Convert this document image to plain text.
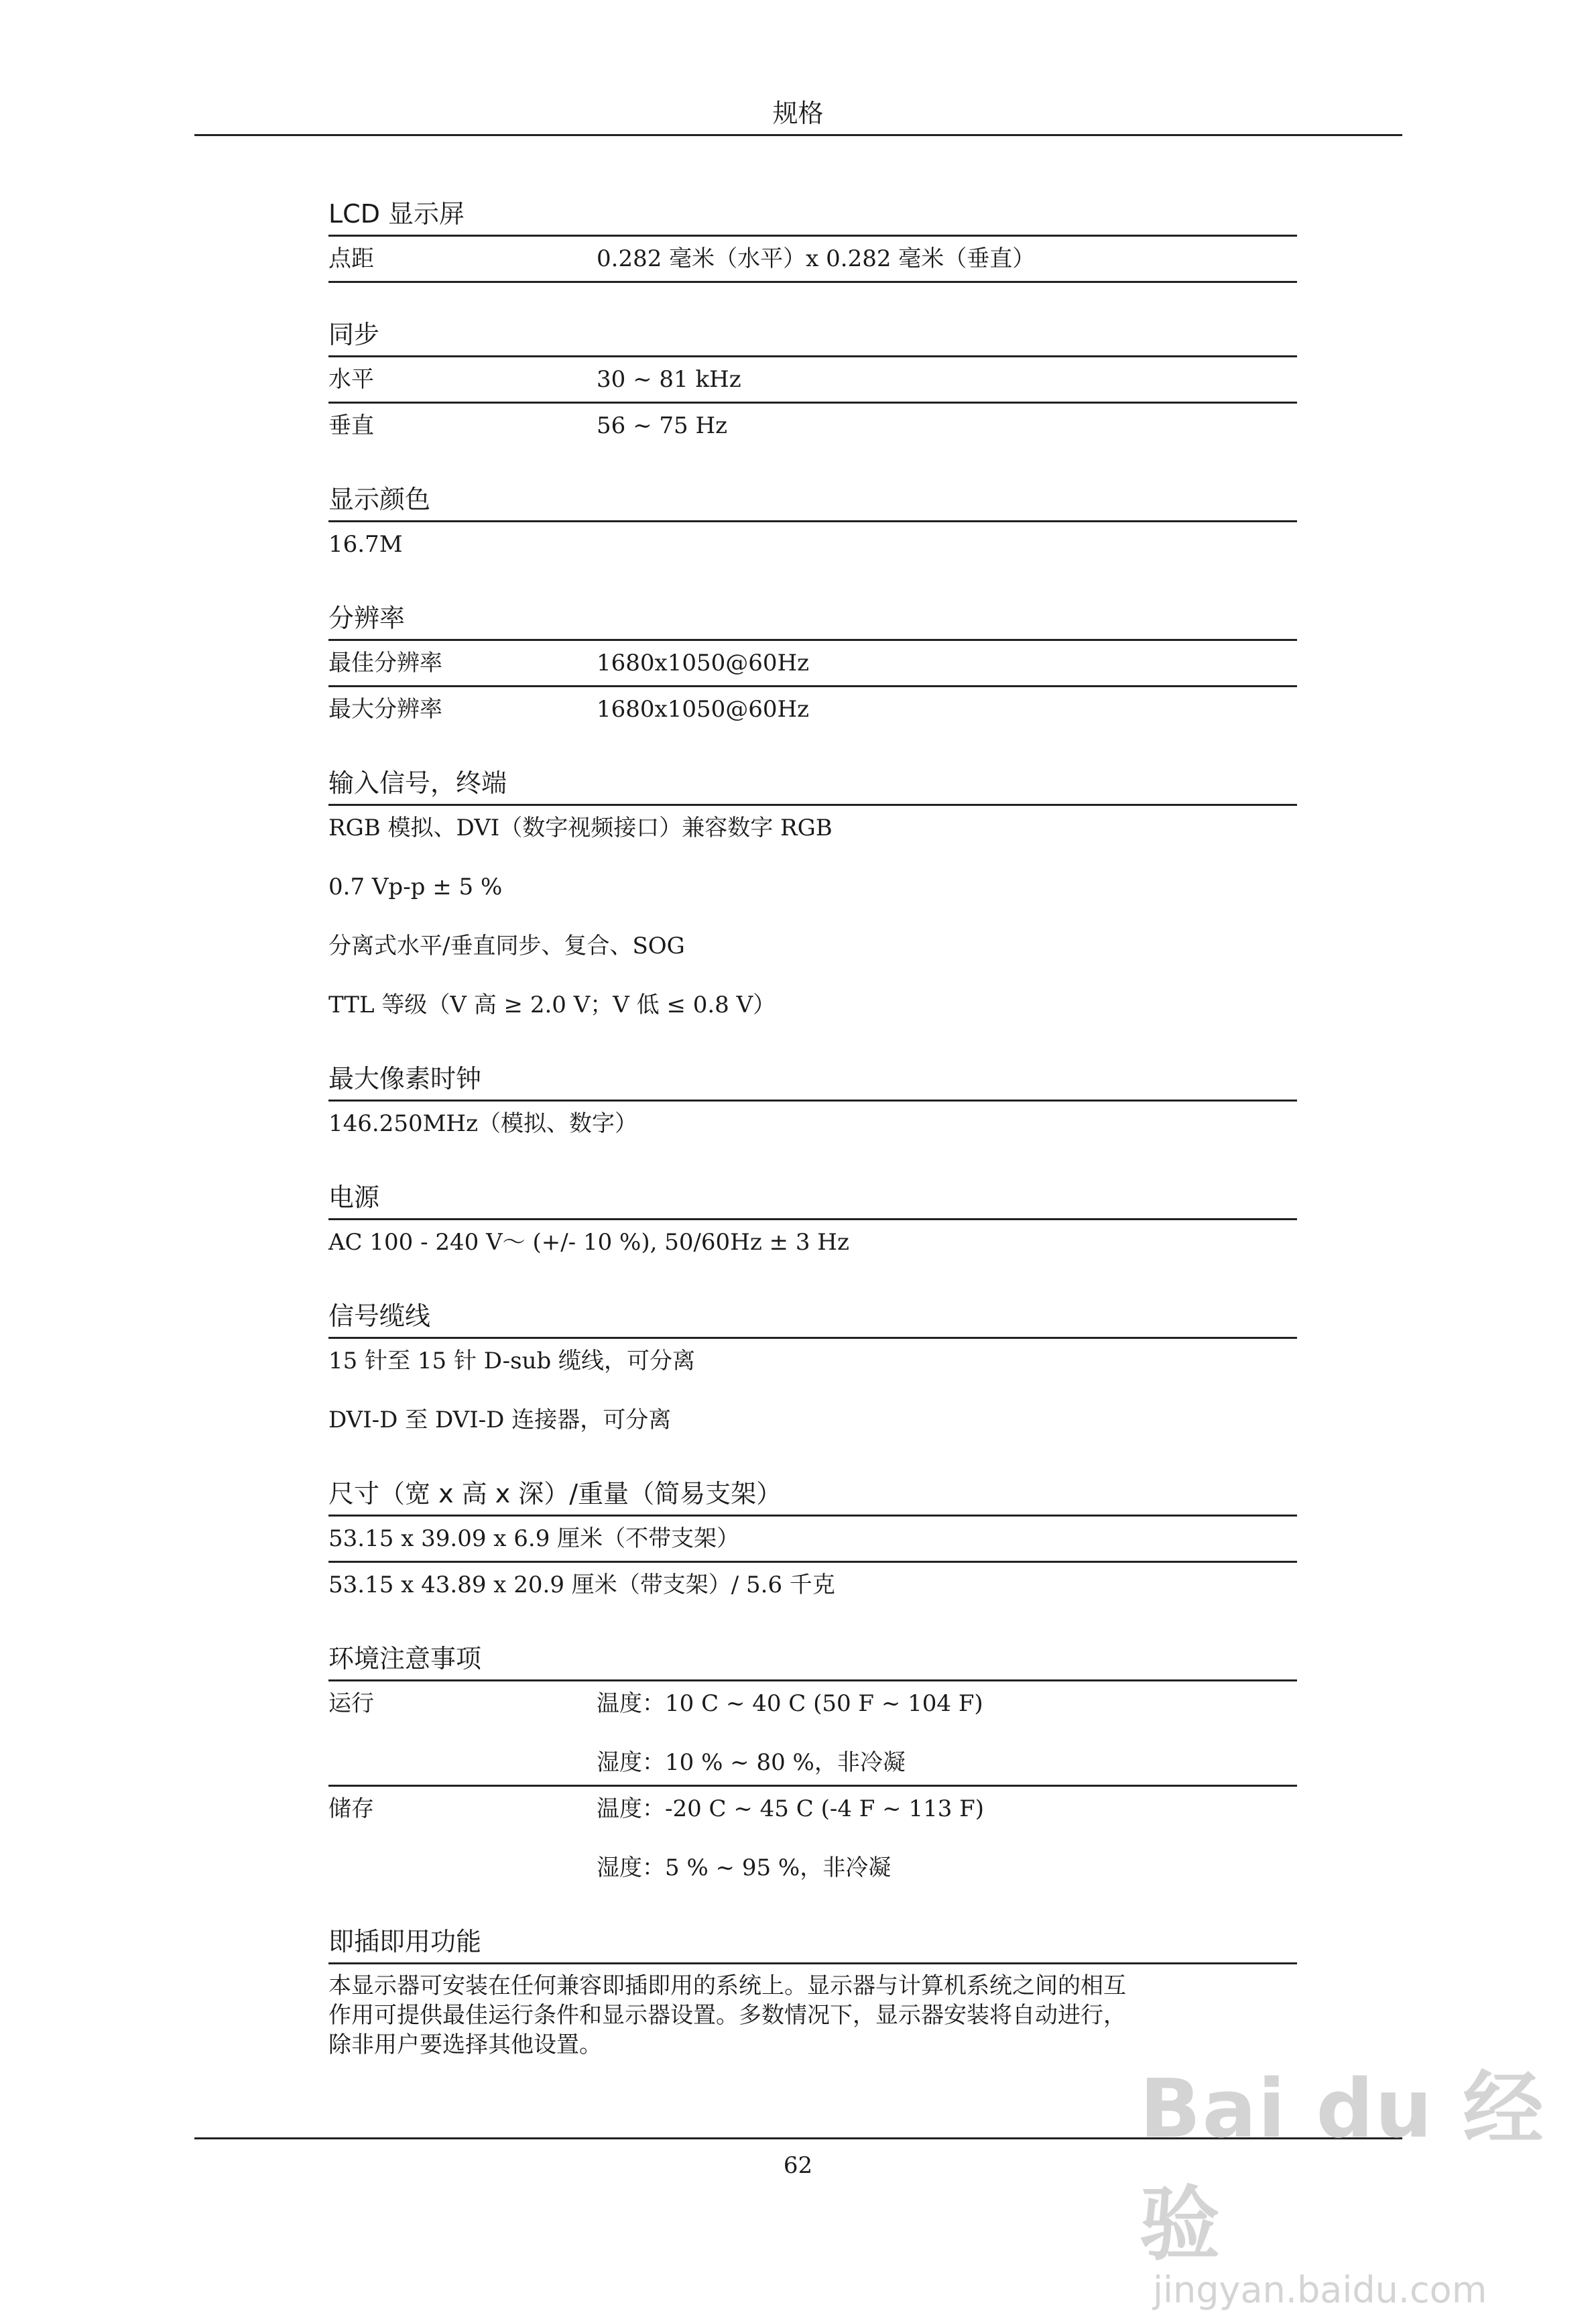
规格
LCD 显示屏
点距	0.282 毫米（水平）x 0.282 毫米（垂直）
同步
水平	30 ~ 81 kHz
垂直	56 ~ 75 Hz
显示颜色
16.7M
分辨率
最佳分辨率	1680x1050@60Hz
最大分辨率	1680x1050@60Hz
输入信号，终端
RGB 模拟、DVI（数字视频接口）兼容数字 RGB
0.7 Vp-p ± 5 %
分离式水平/垂直同步、复合、SOG
TTL 等级（V 高 ≥ 2.0 V；V 低 ≤ 0.8 V）
最大像素时钟
146.250MHz（模拟、数字）
电源
AC 100 - 240 V～ (+/- 10 %), 50/60Hz ± 3 Hz
信号缆线
15 针至 15 针 D-sub 缆线，可分离
DVI-D 至 DVI-D 连接器，可分离
尺寸（宽 x 高 x 深）/重量（简易支架）
53.15 x 39.09 x 6.9 厘米（不带支架）
53.15 x 43.89 x 20.9 厘米（带支架）/ 5.6 千克
环境注意事项
运行	温度：10 C ~ 40 C (50 F ~ 104 F)
湿度：10 % ~ 80 %，非冷凝
储存	温度：-20 C ~ 45 C (-4 F ~ 113 F)
湿度：5 % ~ 95 %，非冷凝
即插即用功能
本显示器可安装在任何兼容即插即用的系统上。显示器与计算机系统之间的相互
作用可提供最佳运行条件和显示器设置。多数情况下，显示器安装将自动进行，
除非用户要选择其他设置。
62
Bai du 经验
jingyan.baidu.com
